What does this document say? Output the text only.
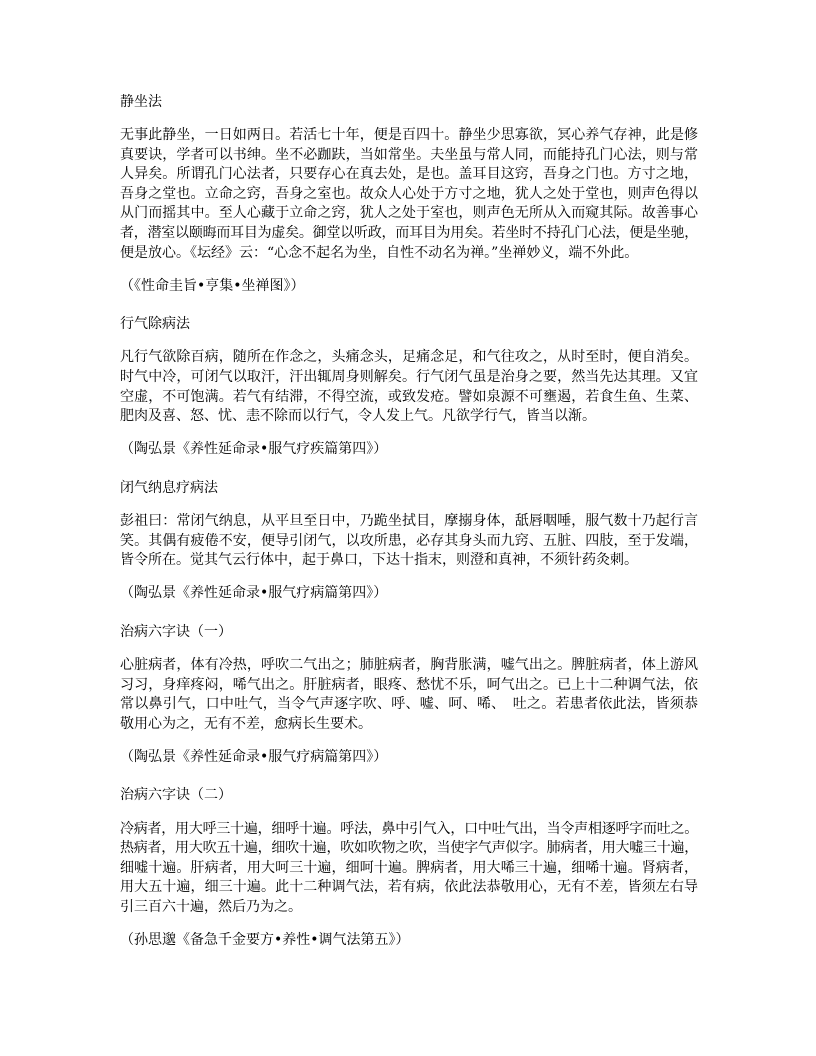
静坐法
无事此静坐，一日如两日。若活七十年，便是百四十。静坐少思寡欲，冥心养气存神，此是修
真要诀，学者可以书绅。坐不必跏趺，当如常坐。夫坐虽与常人同，而能持孔门心法，则与常
人异矣。所谓孔门心法者，只要存心在真去处，是也。盖耳目这窍，吾身之门也。方寸之地，
吾身之堂也。立命之窍，吾身之室也。故众人心处于方寸之地，犹人之处于堂也，则声色得以
从门而摇其中。至人心藏于立命之窍，犹人之处于室也，则声色无所从入而窥其际。故善事心
者，潜室以颐晦而耳目为虚矣。御堂以听政，而耳目为用矣。若坐时不持孔门心法，便是坐驰，
便是放心。《坛经》云：“心念不起名为坐，自性不动名为禅。”坐禅妙义，端不外此。
（《性命圭旨•亨集•坐禅图》）
行气除病法
凡行气欲除百病，随所在作念之，头痛念头，足痛念足，和气往攻之，从时至时，便自消矣。
时气中冷，可闭气以取汗，汗出辄周身则解矣。行气闭气虽是治身之要，然当先达其理。又宜
空虚，不可饱满。若气有结滞，不得空流，或致发疮。譬如泉源不可壅遏，若食生鱼、生菜、
肥肉及喜、怒、忧、恚不除而以行气，令人发上气。凡欲学行气，皆当以渐。
（陶弘景《养性延命录•服气疗疾篇第四》）
闭气纳息疗病法
彭祖曰：常闭气纳息，从平旦至日中，乃跪坐拭目，摩搦身体，舐唇咽唾，服气数十乃起行言
笑。其偶有疲倦不安，便导引闭气，以攻所患，必存其身头而九窍、五脏、四肢，至于发端，
皆令所在。觉其气云行体中，起于鼻口，下达十指末，则澄和真神，不须针药灸刺。
（陶弘景《养性延命录•服气疗病篇第四》）
治病六字诀（一）
心脏病者，体有冷热，呼吹二气出之；肺脏病者，胸背胀满，嘘气出之。脾脏病者，体上游风
习习，身痒疼闷，唏气出之。肝脏病者，眼疼、愁忧不乐，呵气出之。已上十二种调气法，依
常以鼻引气，口中吐气，当令气声逐字吹、呼、嘘、呵、唏、　吐之。若患者依此法，皆须恭
敬用心为之，无有不差，愈病长生要术。
（陶弘景《养性延命录•服气疗病篇第四》）
治病六字诀（二）
冷病者，用大呼三十遍，细呼十遍。呼法，鼻中引气入，口中吐气出，当令声相逐呼字而吐之。
热病者，用大吹五十遍，细吹十遍，吹如吹物之吹，当使字气声似字。肺病者，用大嘘三十遍，
细嘘十遍。肝病者，用大呵三十遍，细呵十遍。脾病者，用大唏三十遍，细唏十遍。肾病者，
用大五十遍，细三十遍。此十二种调气法，若有病，依此法恭敬用心，无有不差，皆须左右导
引三百六十遍，然后乃为之。
（孙思邈《备急千金要方•养性•调气法第五》）
